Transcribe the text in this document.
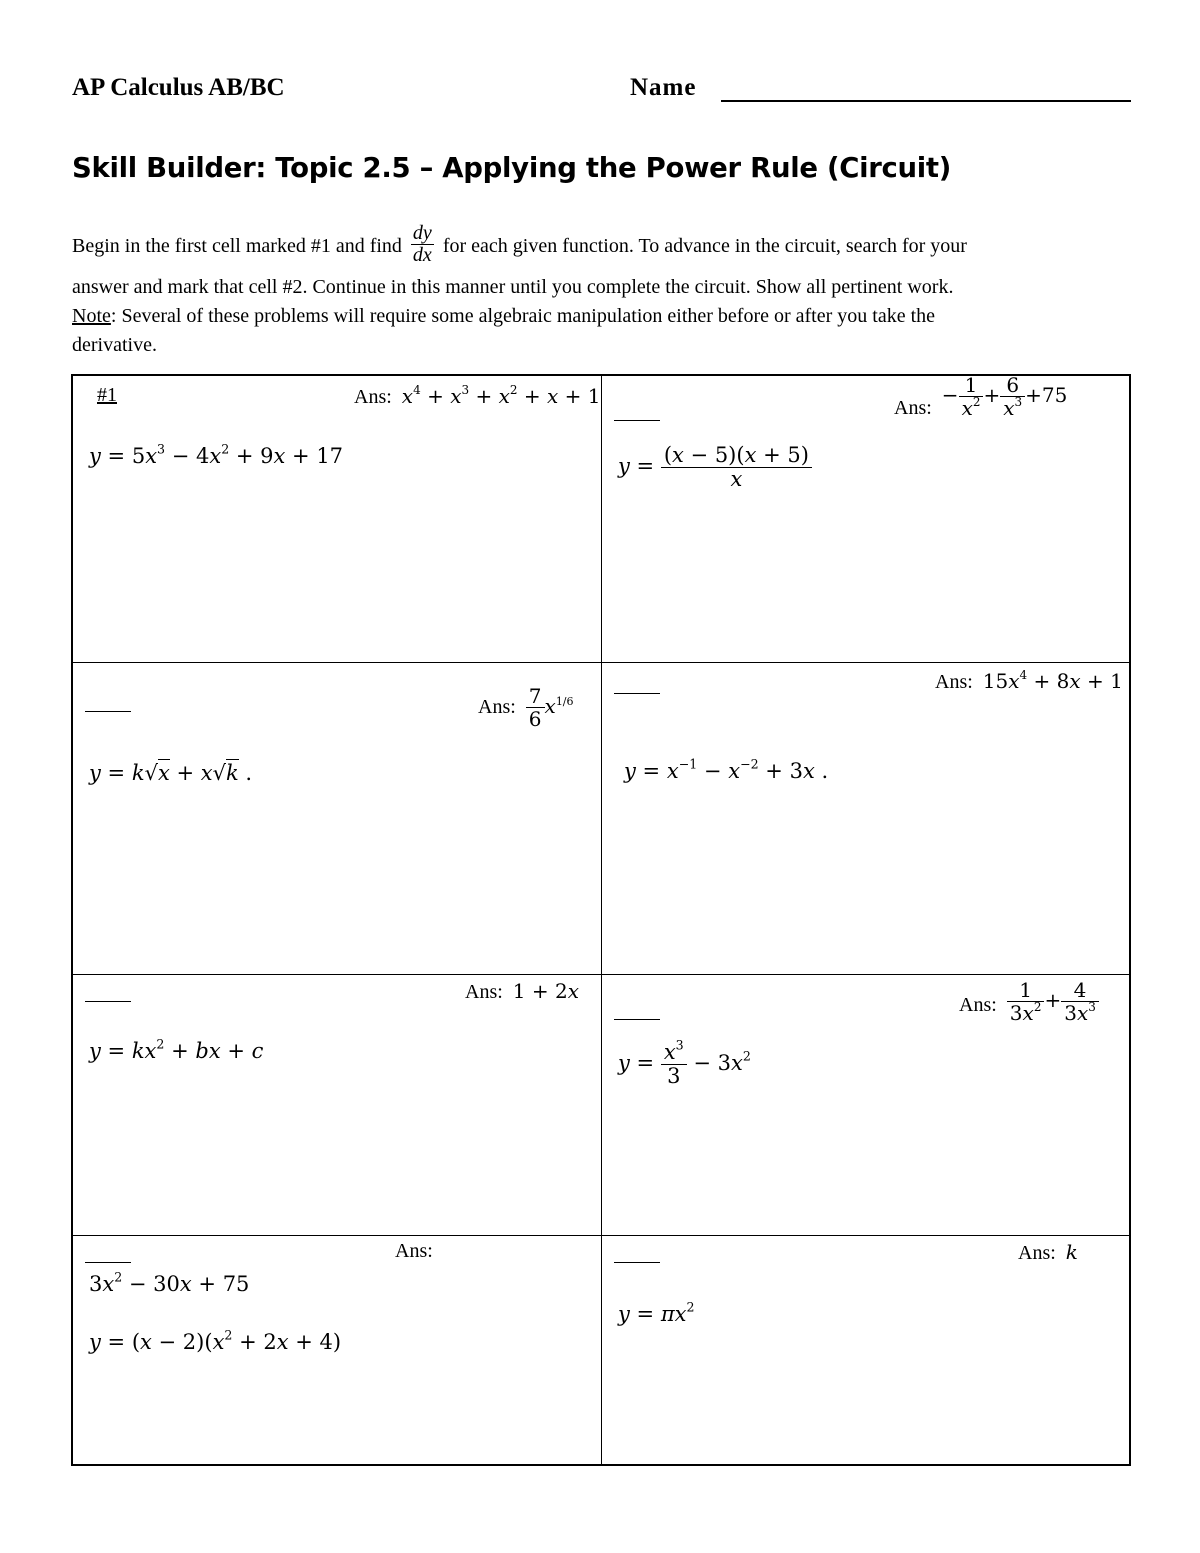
AP Calculus AB/BC	Name
Skill Builder: Topic 2.5 – Applying the Power Rule (Circuit)
Begin in the first cell marked #1 and find $\frac{dy}{dx}$ for each given function. To advance in the circuit, search for your
answer and mark that cell #2. Continue in this manner until you complete the circuit. Show all pertinent work.
Note: Several of these problems will require some algebraic manipulation either before or after you take the
derivative.
#1	Ans: $x^4 + x^3 + x^2 + x + 1$
$y = 5x^3 - 4x^2 + 9x + 17$
Ans:  − $\frac{1}{x^2} + \frac{6}{x^3} +75$
$y = \frac{(x - 5)(x + 5)}{x}$
Ans: $\frac{7}{6} x^{1/6}$
y = k√x + x√k .
Ans: $15x^4 + 8x + 1$
$y = x^{-1} - x^{-2} + 3x$ .
Ans: 1 + 2x
$y = kx^2$ + bx + c
Ans: $\frac{1}{3x^2} + \frac{4}{3x^3}$
$y = \frac{x^3}{3} - 3x^2$
Ans:
$3x^2 - 30x + 75$
$y = (x - 2)(x^2 + 2x + 4)$
Ans: k
$y = \pi x^2$
